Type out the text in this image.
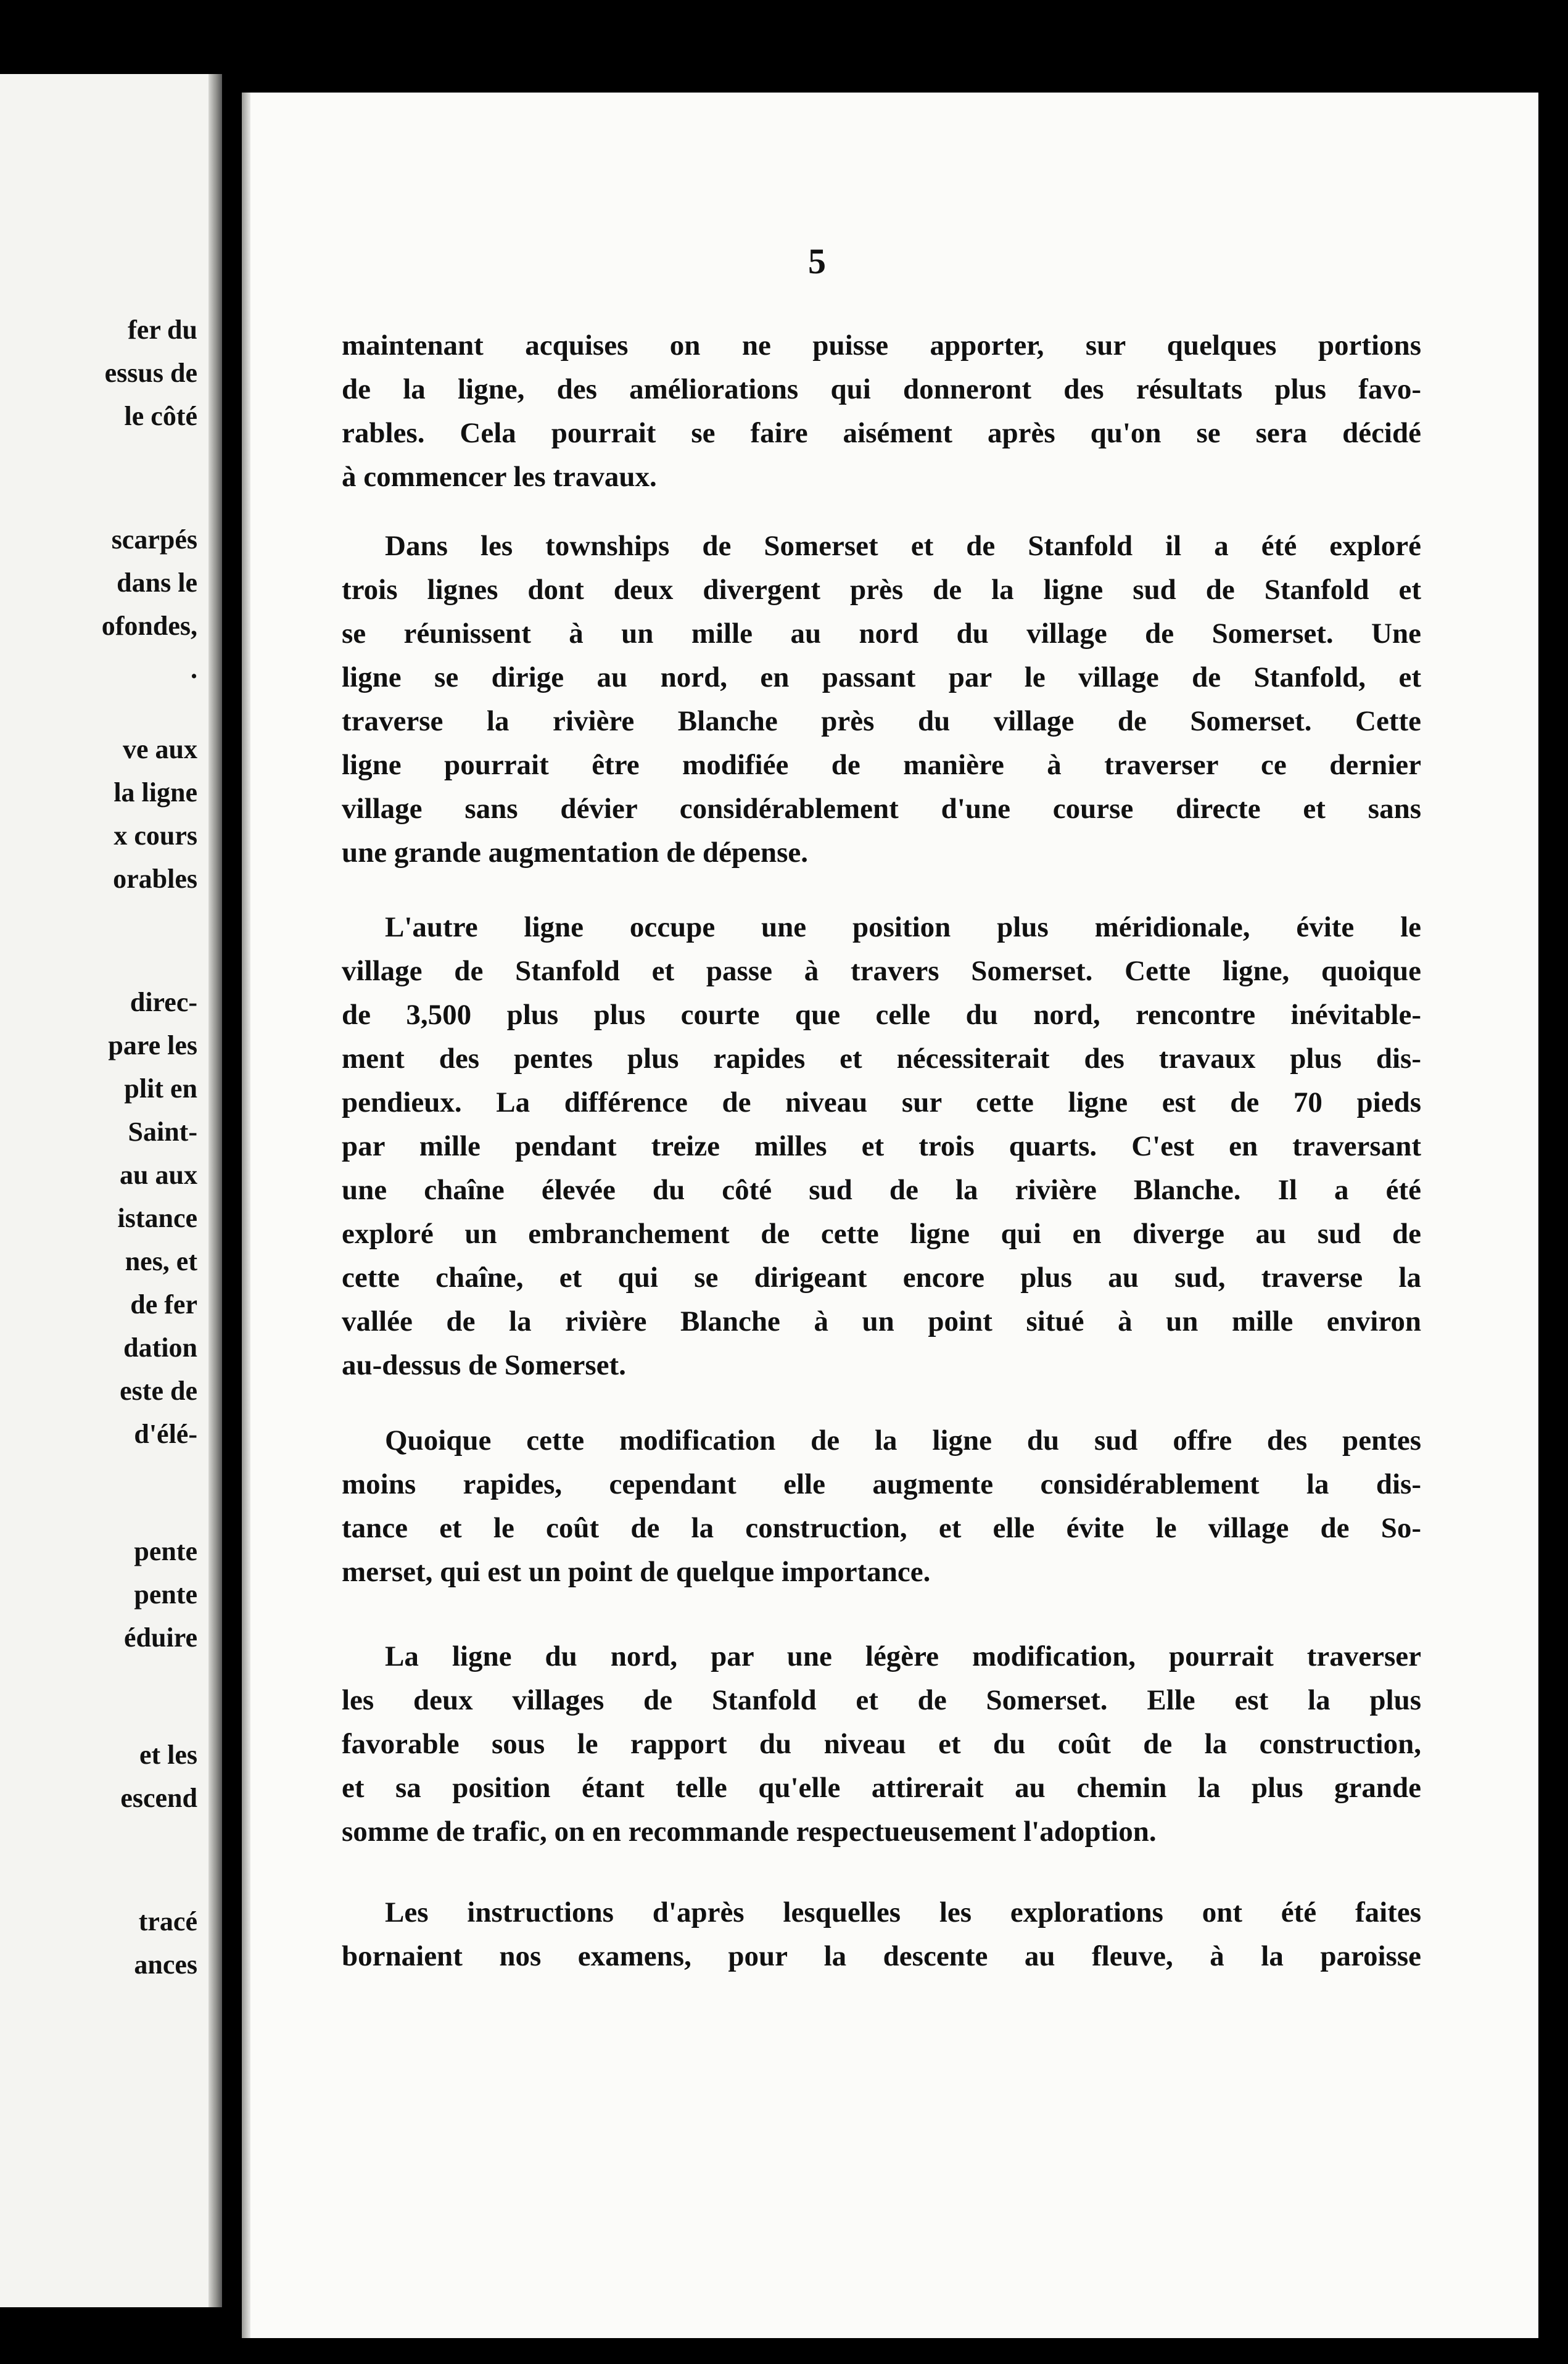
fer du
essus de
le côté
scarpés
dans le
ofondes,
.
ve aux
la ligne
x cours
orables
direc-
pare les
plit en
Saint-
au aux
istance
nes, et
de fer
dation
este de
d'élé-
pente
pente
éduire
et les
escend
tracé
ances
5

maintenant acquises on ne puisse apporter, sur quelques portions
de la ligne, des améliorations qui donneront des résultats plus favo-
rables. Cela pourrait se faire aisément après qu'on se sera décidé
à commencer les travaux.

Dans les townships de Somerset et de Stanfold il a été exploré
trois lignes dont deux divergent près de la ligne sud de Stanfold et
se réunissent à un mille au nord du village de Somerset. Une
ligne se dirige au nord, en passant par le village de Stanfold, et
traverse la rivière Blanche près du village de Somerset. Cette
ligne pourrait être modifiée de manière à traverser ce dernier
village sans dévier considérablement d'une course directe et sans
une grande augmentation de dépense.

L'autre ligne occupe une position plus méridionale, évite le
village de Stanfold et passe à travers Somerset. Cette ligne, quoique
de 3,500 plus plus courte que celle du nord, rencontre inévitable-
ment des pentes plus rapides et nécessiterait des travaux plus dis-
pendieux. La différence de niveau sur cette ligne est de 70 pieds
par mille pendant treize milles et trois quarts. C'est en traversant
une chaîne élevée du côté sud de la rivière Blanche. Il a été
exploré un embranchement de cette ligne qui en diverge au sud de
cette chaîne, et qui se dirigeant encore plus au sud, traverse la
vallée de la rivière Blanche à un point situé à un mille environ
au-dessus de Somerset.

Quoique cette modification de la ligne du sud offre des pentes
moins rapides, cependant elle augmente considérablement la dis-
tance et le coût de la construction, et elle évite le village de So-
merset, qui est un point de quelque importance.

La ligne du nord, par une légère modification, pourrait traverser
les deux villages de Stanfold et de Somerset. Elle est la plus
favorable sous le rapport du niveau et du coût de la construction,
et sa position étant telle qu'elle attirerait au chemin la plus grande
somme de trafic, on en recommande respectueusement l'adoption.

Les instructions d'après lesquelles les explorations ont été faites
bornaient nos examens, pour la descente au fleuve, à la paroisse
